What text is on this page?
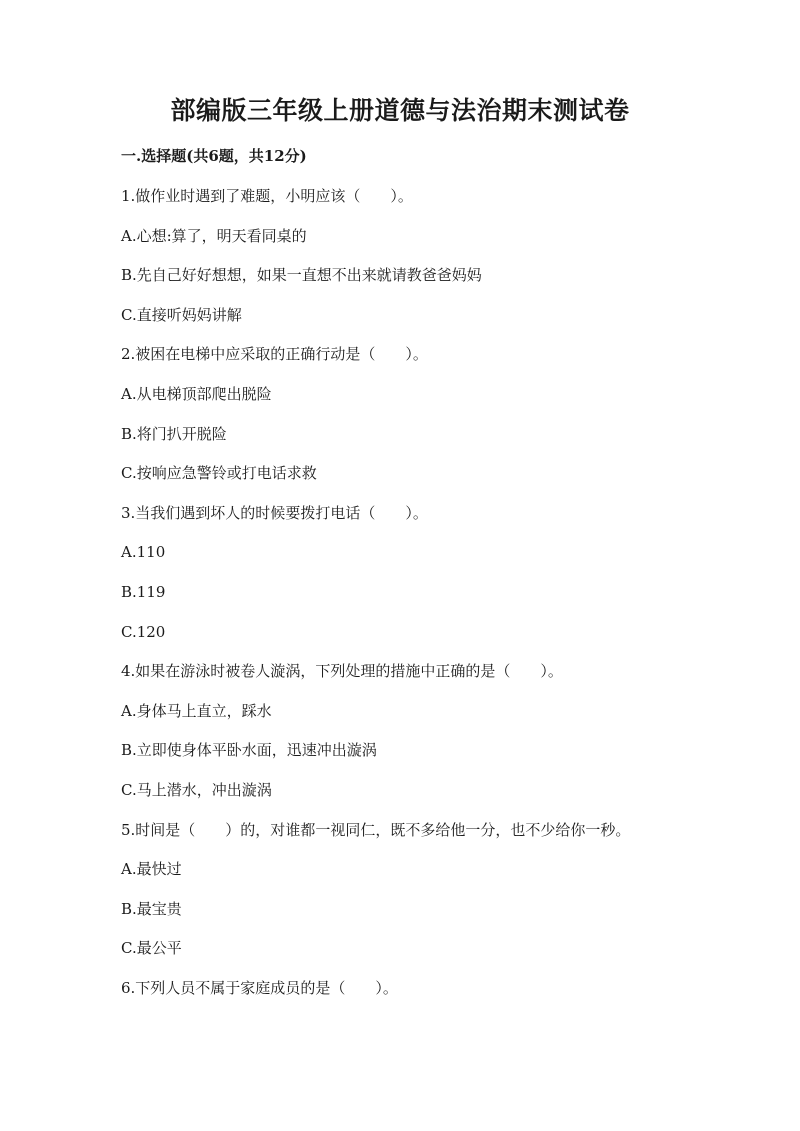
部编版三年级上册道德与法治期末测试卷
一.选择题(共6题，共12分)
1.做作业时遇到了难题，小明应该（　　）。
A.心想:算了，明天看同桌的
B.先自己好好想想，如果一直想不出来就请教爸爸妈妈
C.直接听妈妈讲解
2.被困在电梯中应采取的正确行动是（　　）。
A.从电梯顶部爬出脱险
B.将门扒开脱险
C.按响应急警铃或打电话求救
3.当我们遇到坏人的时候要拨打电话（　　）。
A.110
B.119
C.120
4.如果在游泳时被卷人漩涡，下列处理的措施中正确的是（　　）。
A.身体马上直立，踩水
B.立即使身体平卧水面，迅速冲出漩涡
C.马上潜水，冲出漩涡
5.时间是（　　）的，对谁都一视同仁，既不多给他一分，也不少给你一秒。
A.最快过
B.最宝贵
C.最公平
6.下列人员不属于家庭成员的是（　　）。
